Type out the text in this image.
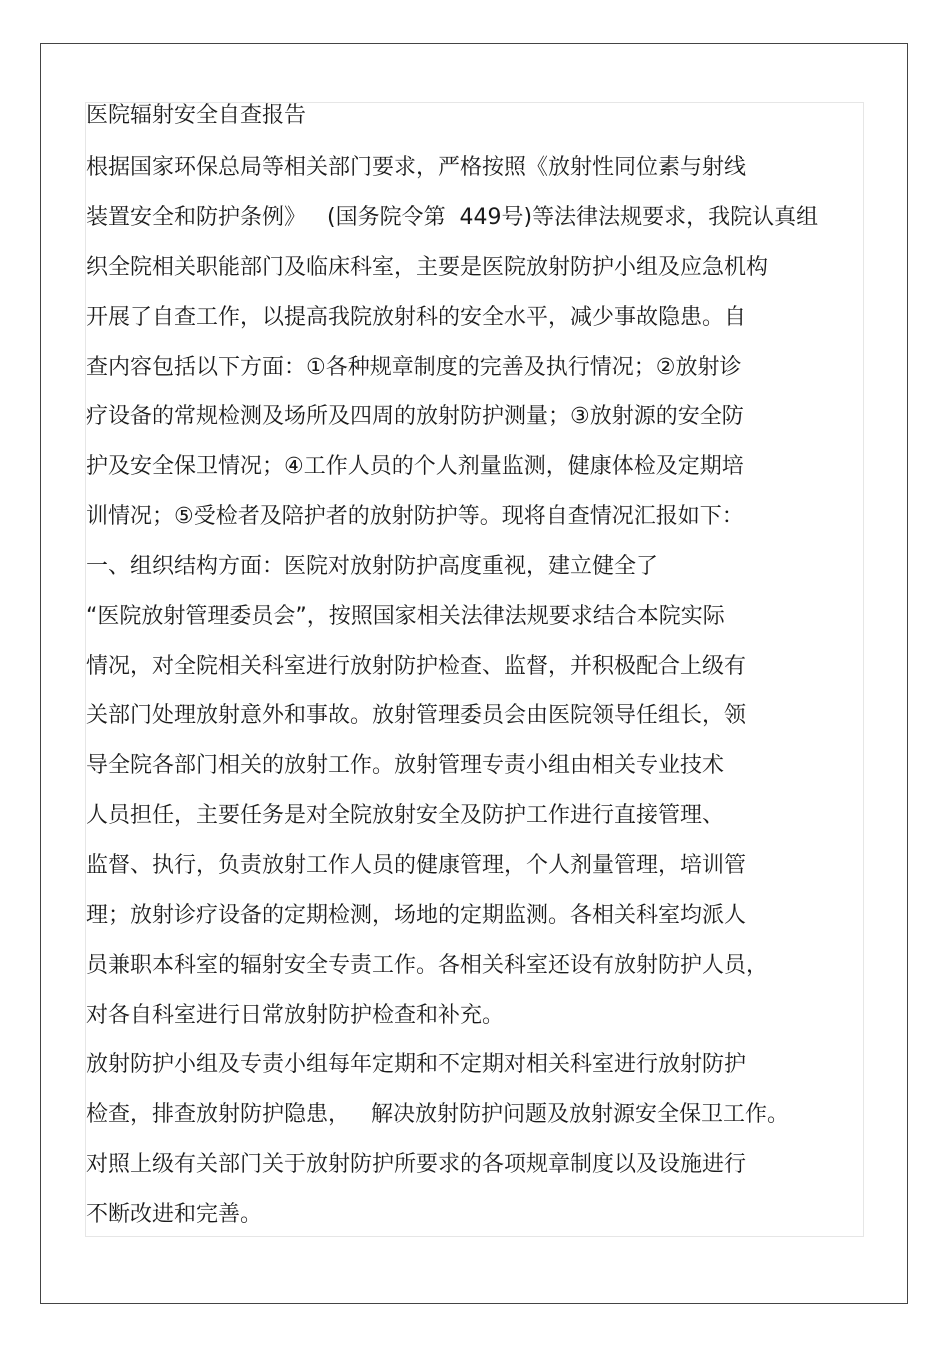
医院辐射安全自查报告

根据国家环保总局等相关部门要求，严格按照《放射性同位素与射线

装置安全和防护条例》   (国务院令第  449号)等法律法规要求，我院认真组

织全院相关职能部门及临床科室，主要是医院放射防护小组及应急机构

开展了自查工作，以提高我院放射科的安全水平，减少事故隐患。自

查内容包括以下方面：①各种规章制度的完善及执行情况；②放射诊

疗设备的常规检测及场所及四周的放射防护测量；③放射源的安全防

护及安全保卫情况；④工作人员的个人剂量监测，健康体检及定期培

训情况；⑤受检者及陪护者的放射防护等。现将自查情况汇报如下：

一、组织结构方面：医院对放射防护高度重视，建立健全了

“医院放射管理委员会”，按照国家相关法律法规要求结合本院实际

情况，对全院相关科室进行放射防护检查、监督，并积极配合上级有

关部门处理放射意外和事故。放射管理委员会由医院领导任组长，领

导全院各部门相关的放射工作。放射管理专责小组由相关专业技术

人员担任，主要任务是对全院放射安全及防护工作进行直接管理、

监督、执行，负责放射工作人员的健康管理，个人剂量管理，培训管

理；放射诊疗设备的定期检测，场地的定期监测。各相关科室均派人

员兼职本科室的辐射安全专责工作。各相关科室还设有放射防护人员，

对各自科室进行日常放射防护检查和补充。

放射防护小组及专责小组每年定期和不定期对相关科室进行放射防护

检查，排查放射防护隐患，   解决放射防护问题及放射源安全保卫工作。

对照上级有关部门关于放射防护所要求的各项规章制度以及设施进行

不断改进和完善。
